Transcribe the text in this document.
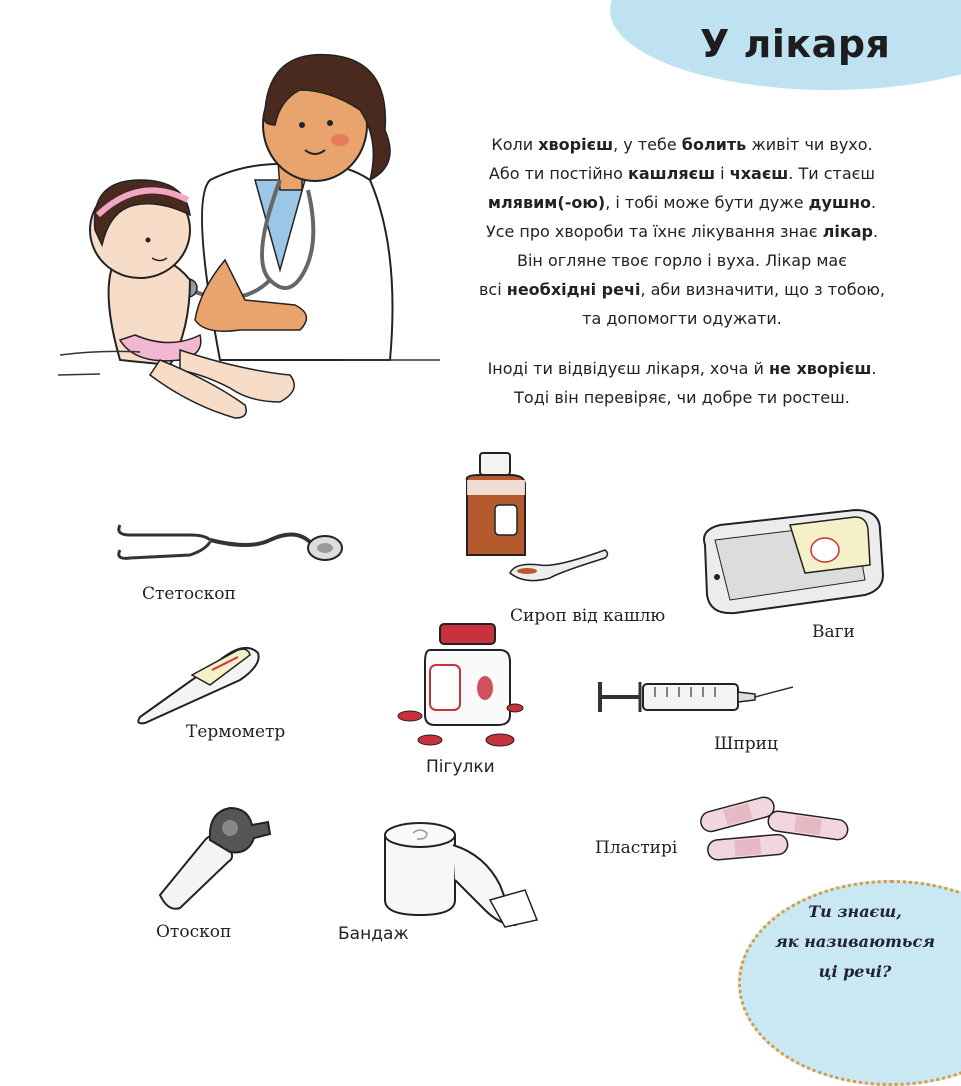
У лікаря
Коли хворієш, у тебе болить живіт чи вухо.
Або ти постійно кашляєш і чхаєш. Ти стаєш
млявим(-ою), і тобі може бути дуже душно.
Усе про хвороби та їхнє лікування знає лікар.
Він огляне твоє горло і вуха. Лікар має
всі необхідні речі, аби визначити, що з тобою,
та допомогти одужати.
Іноді ти відвідуєш лікаря, хоча й не хворієш.
Тоді він перевіряє, чи добре ти ростеш.
Стетоскоп
Сироп від кашлю
Ваги
Термометр
Пігулки
Шприц
Отоскоп	Бандаж
Пластирі
Ти знаєш,
як називаються
ці речі?
